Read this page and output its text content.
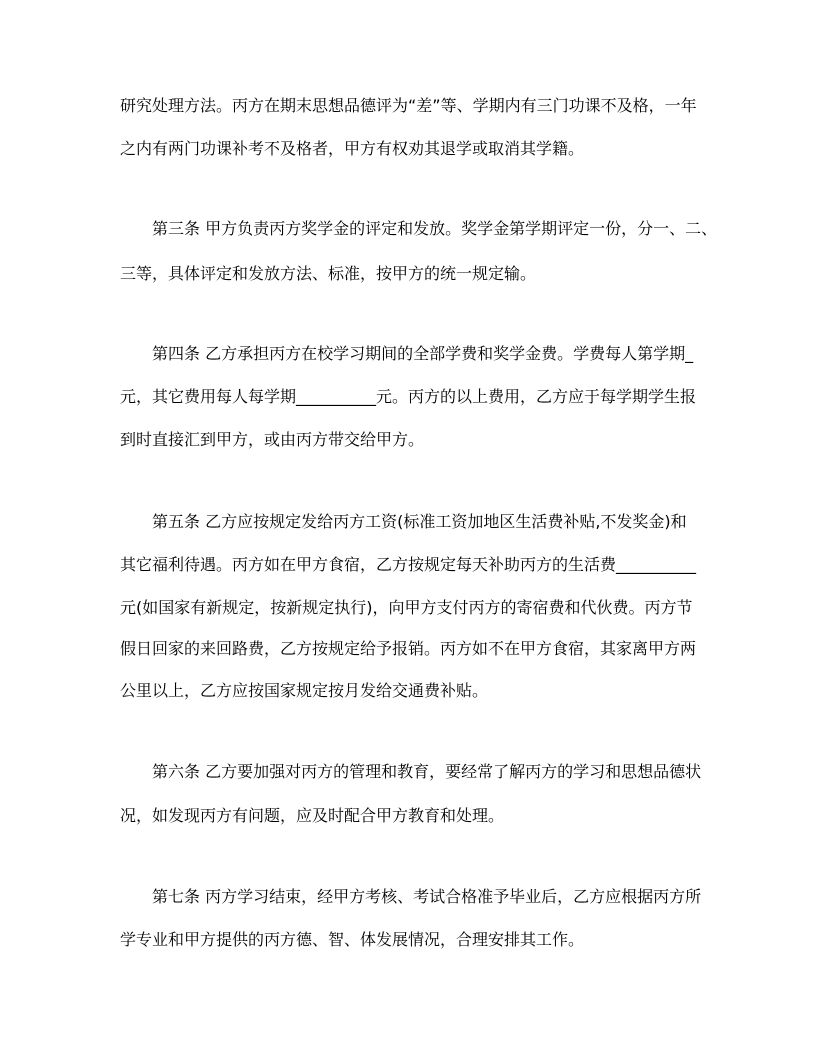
研究处理方法。丙方在期末思想品德评为“差”等、学期内有三门功课不及格，一年
之内有两门功课补考不及格者，甲方有权劝其退学或取消其学籍。
第三条 甲方负责丙方奖学金的评定和发放。奖学金第学期评定一份，分一、二、
三等，具体评定和发放方法、标准，按甲方的统一规定输。
第四条 乙方承担丙方在校学习期间的全部学费和奖学金费。学费每人第学期_
元，其它费用每人每学期__________元。丙方的以上费用，乙方应于每学期学生报
到时直接汇到甲方，或由丙方带交给甲方。
第五条 乙方应按规定发给丙方工资(标准工资加地区生活费补贴,不发奖金)和
其它福利待遇。丙方如在甲方食宿，乙方按规定每天补助丙方的生活费__________
元(如国家有新规定，按新规定执行)，向甲方支付丙方的寄宿费和代伙费。丙方节
假日回家的来回路费，乙方按规定给予报销。丙方如不在甲方食宿，其家离甲方两
公里以上，乙方应按国家规定按月发给交通费补贴。
第六条 乙方要加强对丙方的管理和教育，要经常了解丙方的学习和思想品德状
况，如发现丙方有问题，应及时配合甲方教育和处理。
第七条 丙方学习结束，经甲方考核、考试合格准予毕业后，乙方应根据丙方所
学专业和甲方提供的丙方德、智、体发展情况，合理安排其工作。
